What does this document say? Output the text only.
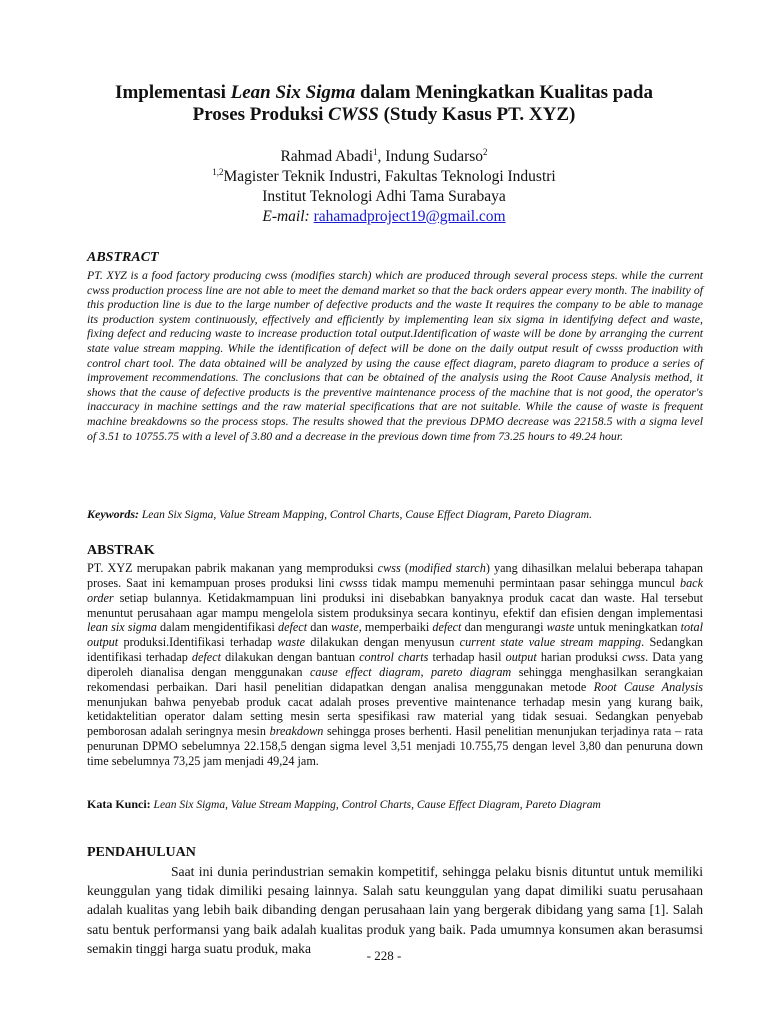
Implementasi Lean Six Sigma dalam Meningkatkan Kualitas pada
Proses Produksi CWSS (Study Kasus PT. XYZ)
Rahmad Abadi$^1$, Indung Sudarso$^2$
$^{1,2}$Magister Teknik Industri, Fakultas Teknologi Industri
Institut Teknologi Adhi Tama Surabaya
E-mail: rahamadproject19@gmail.com
ABSTRACT
PT. XYZ is a food factory producing cwss (modifies starch) which are produced through several process steps. while the current cwss production process line are not able to meet the demand market so that the back orders appear every month. The inability of this production line is due to the large number of defective products and the waste It requires the company to be able to manage its production system continuously, effectively and efficiently by implementing lean six sigma in identifying defect and waste, fixing defect and reducing waste to increase production total output.Identification of waste will be done by arranging the current state value stream mapping. While the identification of defect will be done on the daily output result of cwsss production with control chart tool. The data obtained will be analyzed by using the cause effect diagram, pareto diagram to produce a series of improvement recommendations. The conclusions that can be obtained of the analysis using the Root Cause Analysis method, it shows that the cause of defective products is the preventive maintenance process of the machine that is not good, the operator's inaccuracy in machine settings and the raw material specifications that are not suitable. While the cause of waste is frequent machine breakdowns so the process stops. The results showed that the previous DPMO decrease was 22158.5 with a sigma level of 3.51 to 10755.75 with a level of 3.80 and a decrease in the previous down time from 73.25 hours to 49.24 hour.
Keywords: Lean Six Sigma, Value Stream Mapping, Control Charts, Cause Effect Diagram, Pareto Diagram.
ABSTRAK
PT. XYZ merupakan pabrik makanan yang memproduksi cwss (modified starch) yang dihasilkan melalui beberapa tahapan proses. Saat ini kemampuan proses produksi lini cwsss tidak mampu memenuhi permintaan pasar sehingga muncul back order setiap bulannya. Ketidakmampuan lini produksi ini disebabkan banyaknya produk cacat dan waste. Hal tersebut menuntut perusahaan agar mampu mengelola sistem produksinya secara kontinyu, efektif dan efisien dengan implementasi lean six sigma dalam mengidentifikasi defect dan waste, memperbaiki defect dan mengurangi waste untuk meningkatkan total output produksi.Identifikasi terhadap waste dilakukan dengan menyusun current state value stream mapping. Sedangkan identifikasi terhadap defect dilakukan dengan bantuan control charts terhadap hasil output harian produksi cwss. Data yang diperoleh dianalisa dengan menggunakan cause effect diagram, pareto diagram sehingga menghasilkan serangkaian rekomendasi perbaikan. Dari hasil penelitian didapatkan dengan analisa menggunakan metode Root Cause Analysis menunjukan bahwa penyebab produk cacat adalah proses preventive maintenance terhadap mesin yang kurang baik, ketidaktelitian operator dalam setting mesin serta spesifikasi raw material yang tidak sesuai. Sedangkan penyebab pemborosan adalah seringnya mesin breakdown sehingga proses berhenti. Hasil penelitian menunjukan terjadinya rata – rata penurunan DPMO sebelumnya 22.158,5 dengan sigma level 3,51 menjadi 10.755,75 dengan level 3,80 dan penuruna down time sebelumnya 73,25 jam menjadi 49,24 jam.
Kata Kunci: Lean Six Sigma, Value Stream Mapping, Control Charts, Cause Effect Diagram, Pareto Diagram
PENDAHULUAN
Saat ini dunia perindustrian semakin kompetitif, sehingga pelaku bisnis dituntut untuk memiliki keunggulan yang tidak dimiliki pesaing lainnya. Salah satu keunggulan yang dapat dimiliki suatu perusahaan adalah kualitas yang lebih baik dibanding dengan perusahaan lain yang bergerak dibidang yang sama [1]. Salah satu bentuk performansi yang baik adalah kualitas produk yang baik. Pada umumnya konsumen akan berasumsi semakin tinggi harga suatu produk, maka	- 228 -
